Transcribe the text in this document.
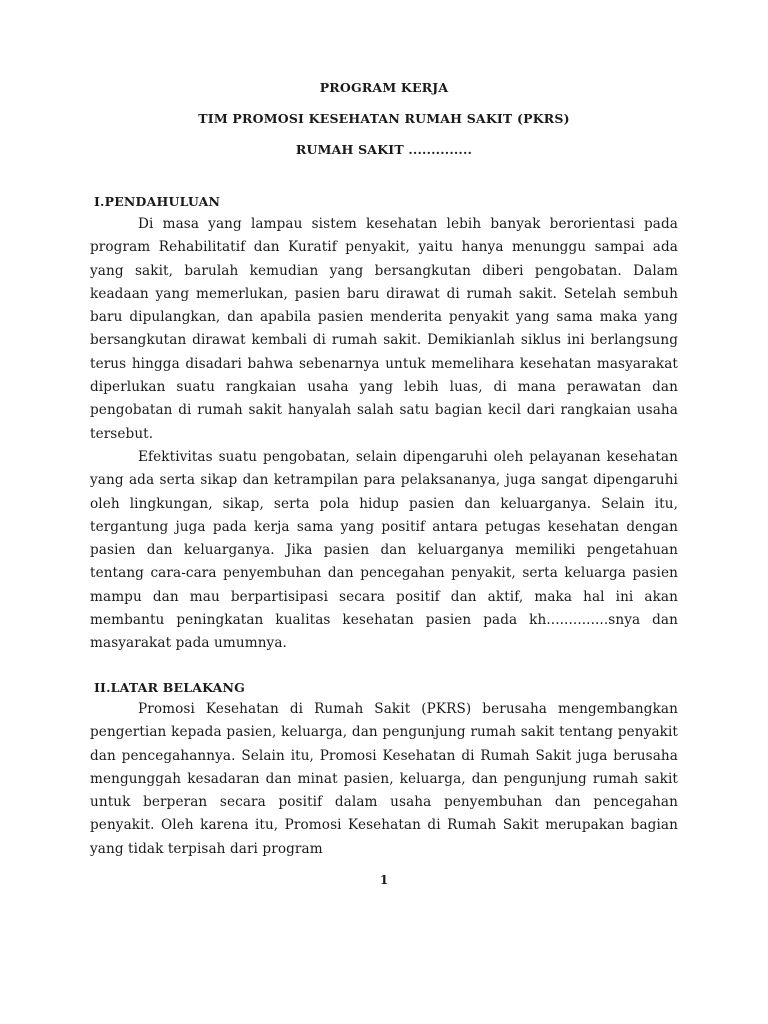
PROGRAM KERJA
TIM PROMOSI KESEHATAN RUMAH SAKIT (PKRS)
RUMAH SAKIT ..............
I.PENDAHULUAN
Di masa yang lampau sistem kesehatan lebih banyak berorientasi pada program Rehabilitatif dan Kuratif penyakit, yaitu hanya menunggu sampai ada yang sakit, barulah kemudian yang bersangkutan diberi pengobatan. Dalam keadaan yang memerlukan, pasien baru dirawat di rumah sakit. Setelah sembuh baru dipulangkan, dan apabila pasien menderita penyakit yang sama maka yang bersangkutan dirawat kembali di rumah sakit. Demikianlah siklus ini berlangsung terus hingga disadari bahwa sebenarnya untuk memelihara kesehatan masyarakat diperlukan suatu rangkaian usaha yang lebih luas, di mana perawatan dan pengobatan di rumah sakit hanyalah salah satu bagian kecil dari rangkaian usaha tersebut.
Efektivitas suatu pengobatan, selain dipengaruhi oleh pelayanan kesehatan yang ada serta sikap dan ketrampilan para pelaksananya, juga sangat dipengaruhi oleh lingkungan, sikap, serta pola hidup pasien dan keluarganya. Selain itu, tergantung juga pada kerja sama yang positif antara petugas kesehatan dengan pasien dan keluarganya. Jika pasien dan keluarganya memiliki pengetahuan tentang cara-cara penyembuhan dan pencegahan penyakit, serta keluarga pasien mampu dan mau berpartisipasi secara positif dan aktif, maka hal ini akan membantu peningkatan kualitas kesehatan pasien pada kh..............snya dan masyarakat pada umumnya.
II.LATAR BELAKANG
Promosi Kesehatan di Rumah Sakit (PKRS) berusaha mengembangkan pengertian kepada pasien, keluarga, dan pengunjung rumah sakit tentang penyakit dan pencegahannya. Selain itu, Promosi Kesehatan di Rumah Sakit juga berusaha mengunggah kesadaran dan minat pasien, keluarga, dan pengunjung rumah sakit untuk berperan secara positif dalam usaha penyembuhan dan pencegahan penyakit. Oleh karena itu, Promosi Kesehatan di Rumah Sakit merupakan bagian yang tidak terpisah dari program
1
